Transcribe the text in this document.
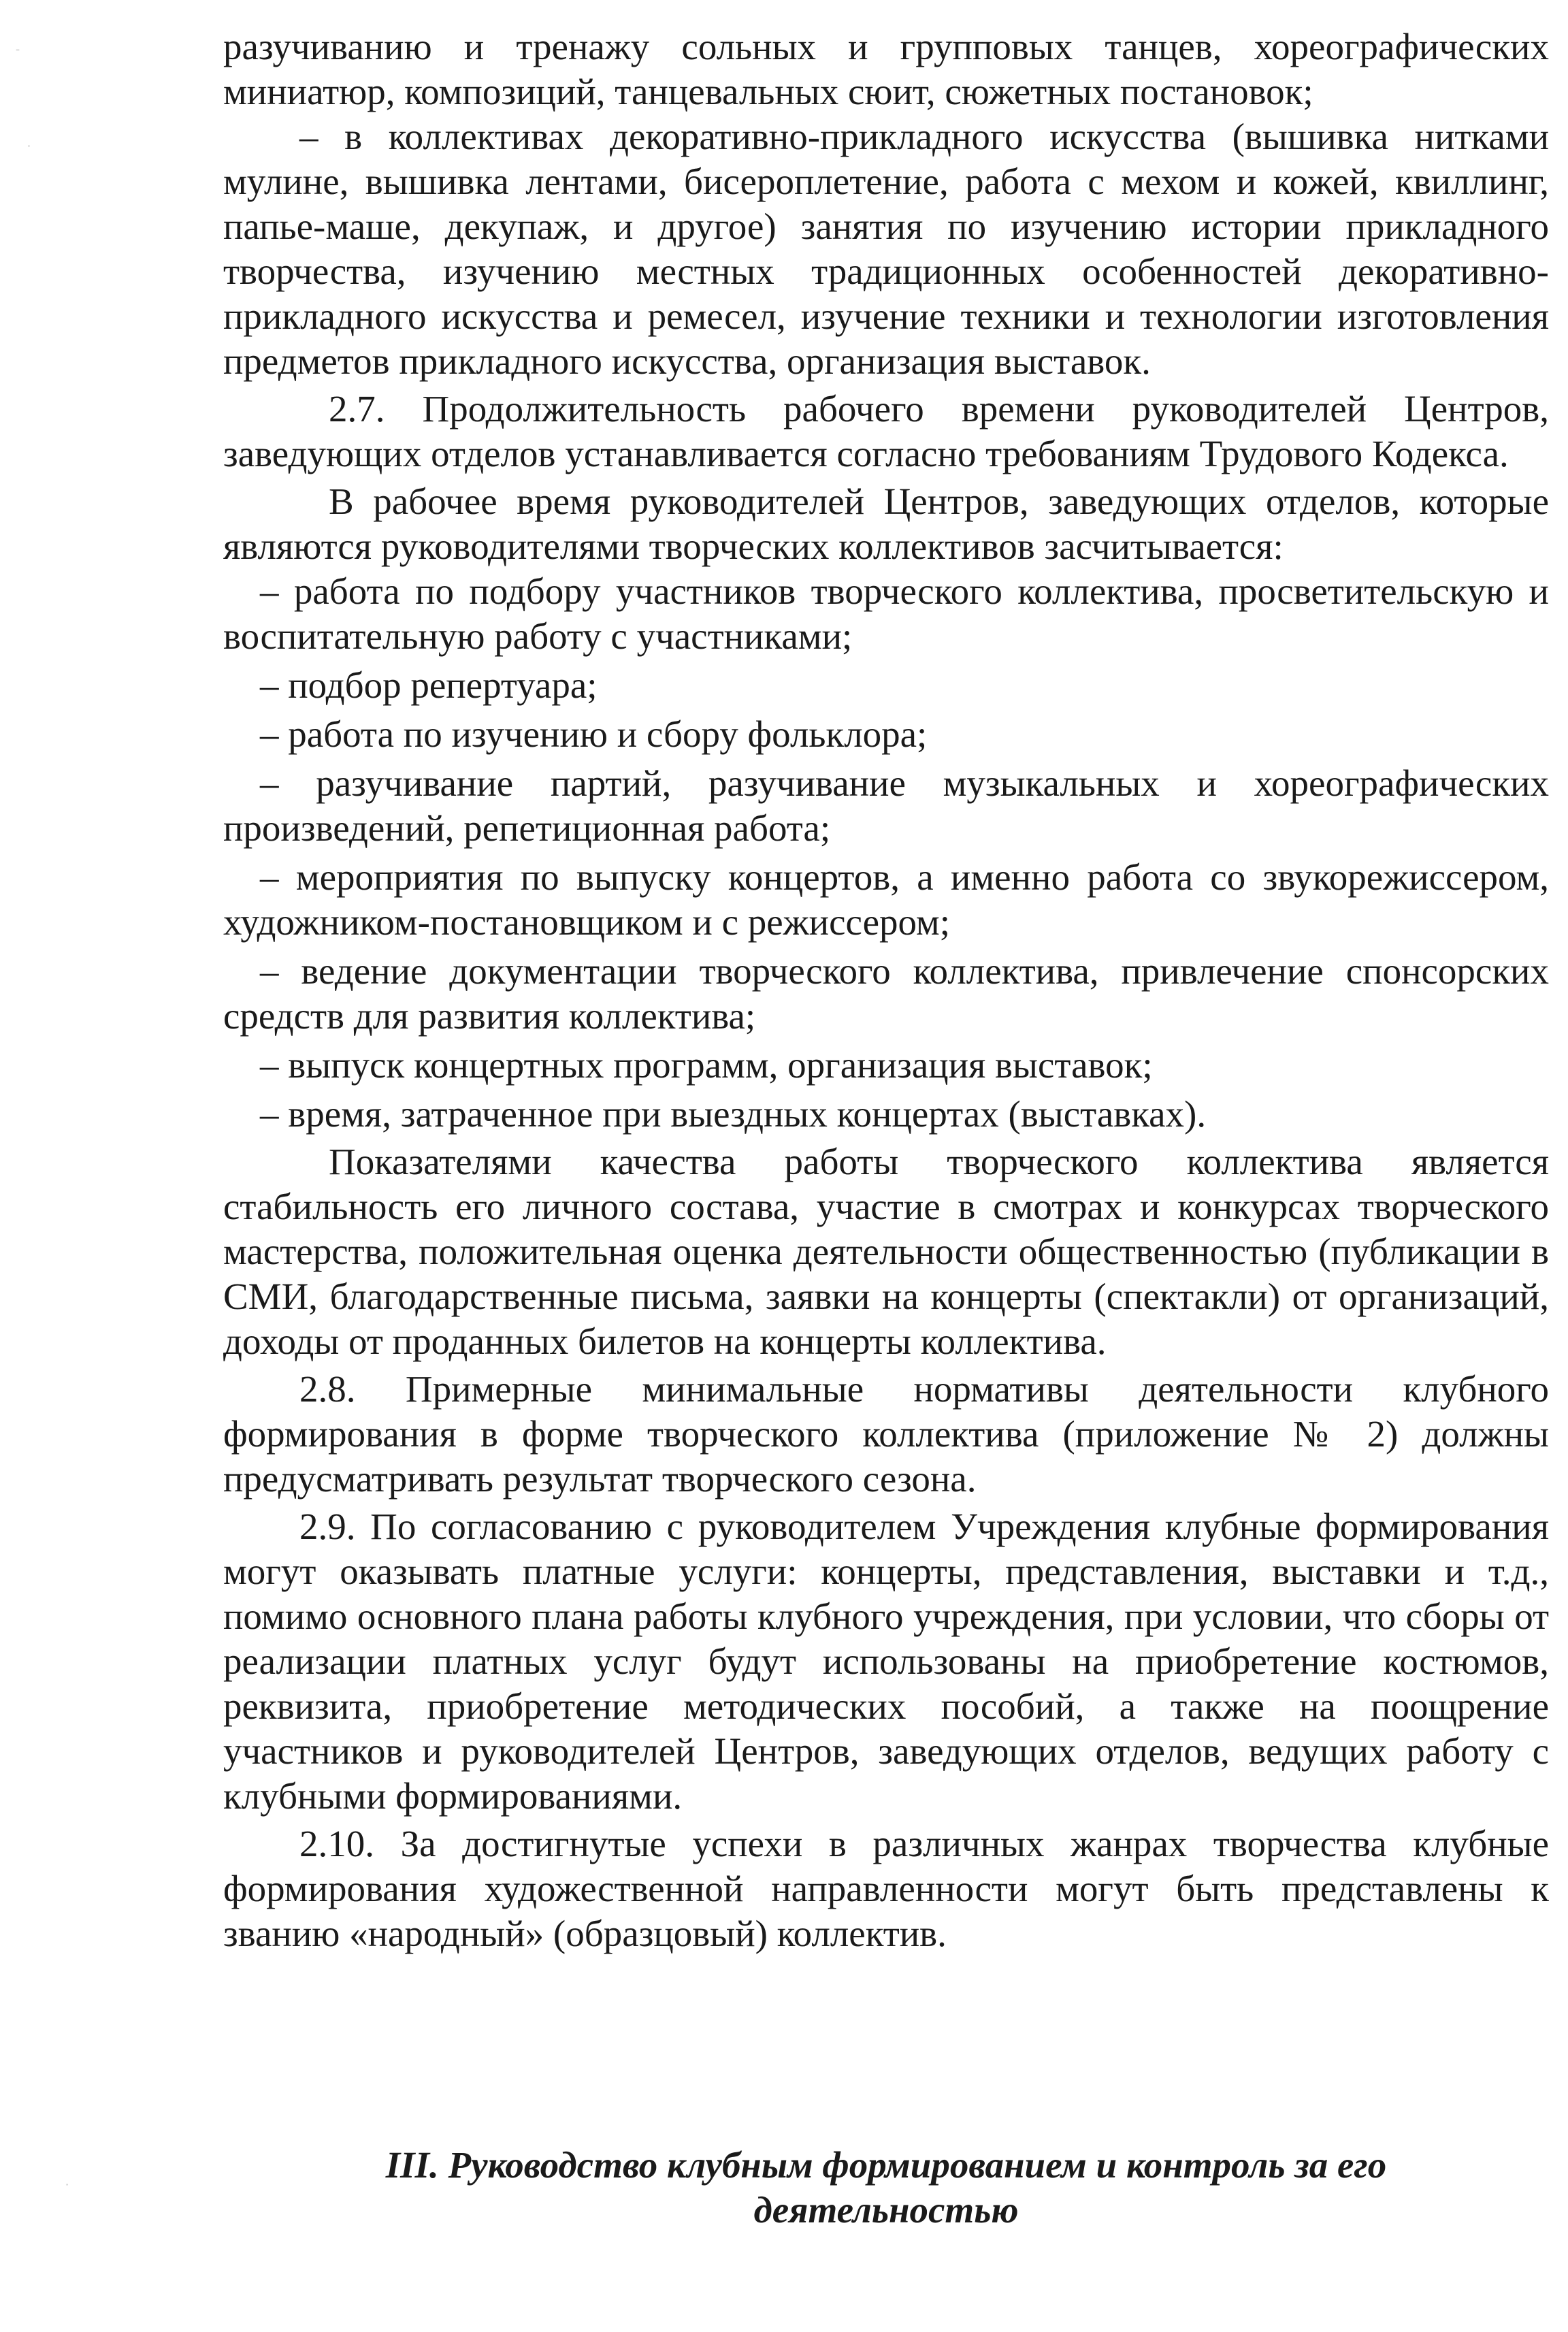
ˉ
·
·

разучиванию и тренажу сольных и групповых танцев, хореографических миниатюр, композиций, танцевальных сюит, сюжетных постановок;

– в коллективах декоративно-прикладного искусства (вышивка нитками мулине, вышивка лентами, бисероплетение, работа с мехом и кожей, квиллинг, папье-маше, декупаж, и другое) занятия по изучению истории прикладного творчества, изучению местных традиционных особенностей декоративно-прикладного искусства и ремесел, изучение техники и технологии изготовления предметов прикладного искусства, организация выставок.

2.7. Продолжительность рабочего времени руководителей Центров, заведующих отделов устанавливается согласно требованиям Трудового Кодекса.

В рабочее время руководителей Центров, заведующих отделов, которые являются руководителями творческих коллективов засчитывается:

– работа по подбору участников творческого коллектива, просветительскую и воспитательную работу с участниками;

– подбор репертуара;

– работа по изучению и сбору фольклора;

– разучивание партий, разучивание музыкальных и хореографических произведений, репетиционная работа;

– мероприятия по выпуску концертов, а именно работа со звукорежиссером, художником-постановщиком и с режиссером;

– ведение документации творческого коллектива, привлечение спонсорских средств для развития коллектива;

– выпуск концертных программ, организация выставок;

– время, затраченное при выездных концертах (выставках).

Показателями качества работы творческого коллектива является стабильность его личного состава, участие в смотрах и конкурсах творческого мастерства, положительная оценка деятельности общественностью (публикации в СМИ, благодарственные письма, заявки на концерты (спектакли) от организаций, доходы от проданных билетов на концерты коллектива.

2.8. Примерные минимальные нормативы деятельности клубного формирования в форме творческого коллектива (приложение № 2) должны предусматривать результат творческого сезона.

2.9. По согласованию с руководителем Учреждения клубные формирования могут оказывать платные услуги: концерты, представления, выставки и т.д., помимо основного плана работы клубного учреждения, при условии, что сборы от реализации платных услуг будут использованы на приобретение костюмов, реквизита, приобретение методических пособий, а также на поощрение участников и руководителей Центров, заведующих отделов, ведущих работу с клубными формированиями.

2.10. За достигнутые успехи в различных жанрах творчества клубные формирования художественной направленности могут быть представлены к званию «народный» (образцовый) коллектив.

III. Руководство клубным формированием и контроль за его
деятельностью
